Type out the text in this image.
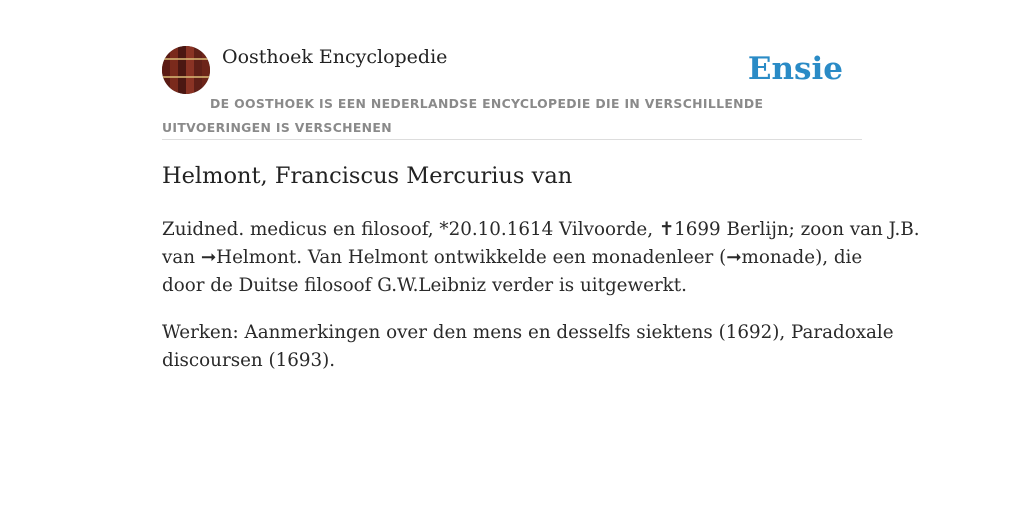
Oosthoek Encyclopedie	Ensie
DE OOSTHOEK IS EEN NEDERLANDSE ENCYCLOPEDIE DIE IN VERSCHILLENDE UITVOERINGEN IS VERSCHENEN
Helmont, Franciscus Mercurius van

Zuidned. medicus en filosoof, *20.10.1614 Vilvoorde, ✝1699 Berlijn; zoon van J.B.
van ➞Helmont. Van Helmont ontwikkelde een monadenleer (➞monade), die
door de Duitse filosoof G.W.Leibniz verder is uitgewerkt.

Werken: Aanmerkingen over den mens en desselfs siektens (1692), Paradoxale
discoursen (1693).
